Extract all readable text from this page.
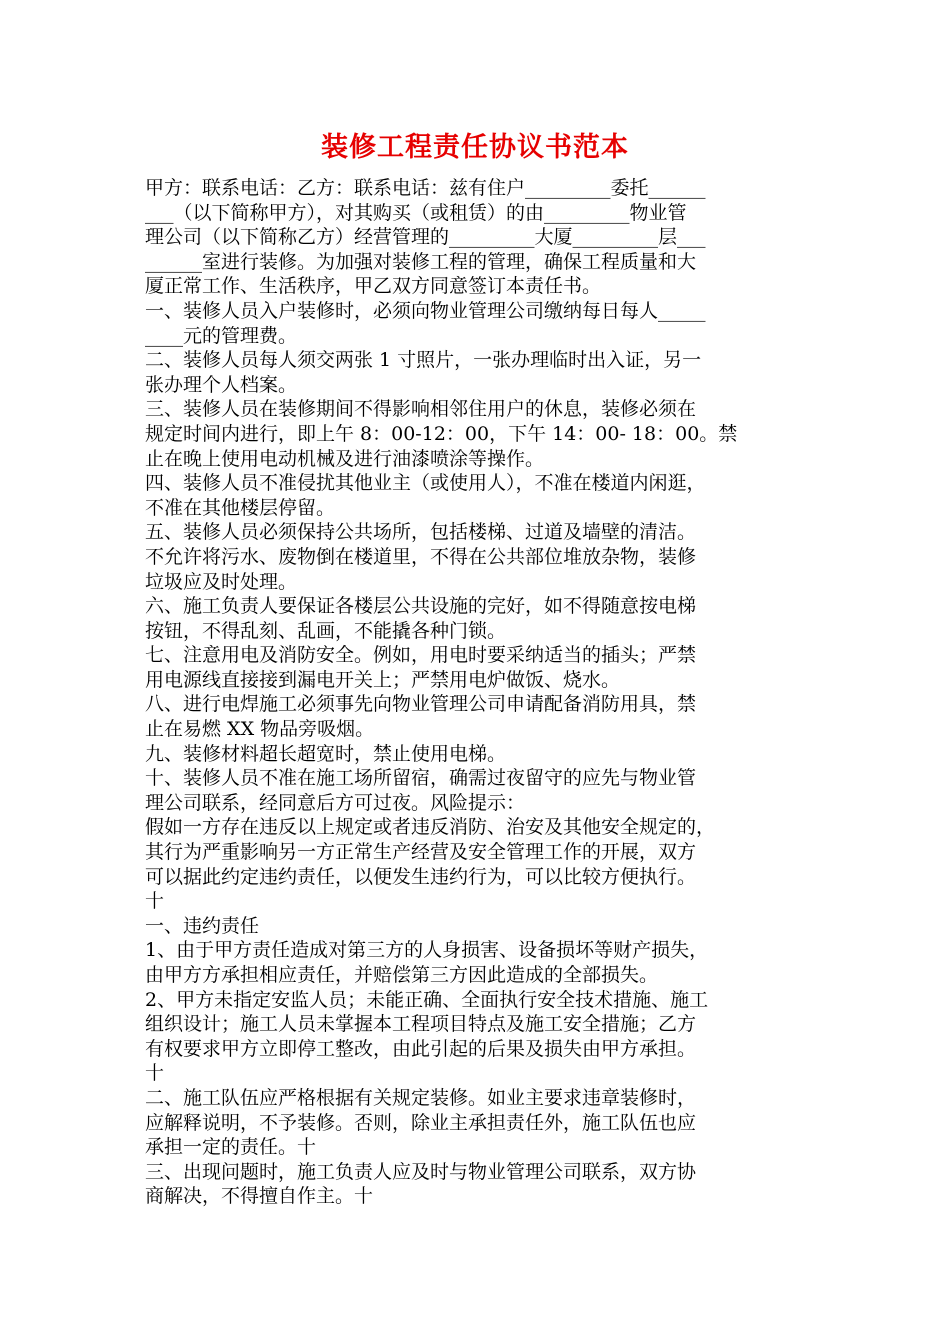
装修工程责任协议书范本
甲方：联系电话：乙方：联系电话：兹有住户_________委托______
___（以下简称甲方），对其购买（或租赁）的由_________物业管
理公司（以下简称乙方）经营管理的_________大厦_________层___
______室进行装修。为加强对装修工程的管理，确保工程质量和大
厦正常工作、生活秩序，甲乙双方同意签订本责任书。
一、装修人员入户装修时，必须向物业管理公司缴纳每日每人_____
____元的管理费。
二、装修人员每人须交两张 1 寸照片，一张办理临时出入证，另一
张办理个人档案。
三、装修人员在装修期间不得影响相邻住用户的休息，装修必须在
规定时间内进行，即上午 8：00-12：00，下午 14：00- 18：00。禁
止在晚上使用电动机械及进行油漆喷涂等操作。
四、装修人员不准侵扰其他业主（或使用人），不准在楼道内闲逛，
不准在其他楼层停留。
五、装修人员必须保持公共场所，包括楼梯、过道及墙壁的清洁。
不允许将污水、废物倒在楼道里，不得在公共部位堆放杂物，装修
垃圾应及时处理。
六、施工负责人要保证各楼层公共设施的完好，如不得随意按电梯
按钮，不得乱刻、乱画，不能撬各种门锁。
七、注意用电及消防安全。例如，用电时要采纳适当的插头；严禁
用电源线直接接到漏电开关上；严禁用电炉做饭、烧水。
八、进行电焊施工必须事先向物业管理公司申请配备消防用具，禁
止在易燃 XX 物品旁吸烟。
九、装修材料超长超宽时，禁止使用电梯。
十、装修人员不准在施工场所留宿，确需过夜留守的应先与物业管
理公司联系，经同意后方可过夜。风险提示：
假如一方存在违反以上规定或者违反消防、治安及其他安全规定的，
其行为严重影响另一方正常生产经营及安全管理工作的开展，双方
可以据此约定违约责任，以便发生违约行为，可以比较方便执行。
十
一、违约责任
1、由于甲方责任造成对第三方的人身损害、设备损坏等财产损失，
由甲方方承担相应责任，并赔偿第三方因此造成的全部损失。
2、甲方未指定安监人员；未能正确、全面执行安全技术措施、施工
组织设计；施工人员未掌握本工程项目特点及施工安全措施；乙方
有权要求甲方立即停工整改，由此引起的后果及损失由甲方承担。
十
二、施工队伍应严格根据有关规定装修。如业主要求违章装修时，
应解释说明，不予装修。否则，除业主承担责任外，施工队伍也应
承担一定的责任。十
三、出现问题时，施工负责人应及时与物业管理公司联系，双方协
商解决，不得擅自作主。十
